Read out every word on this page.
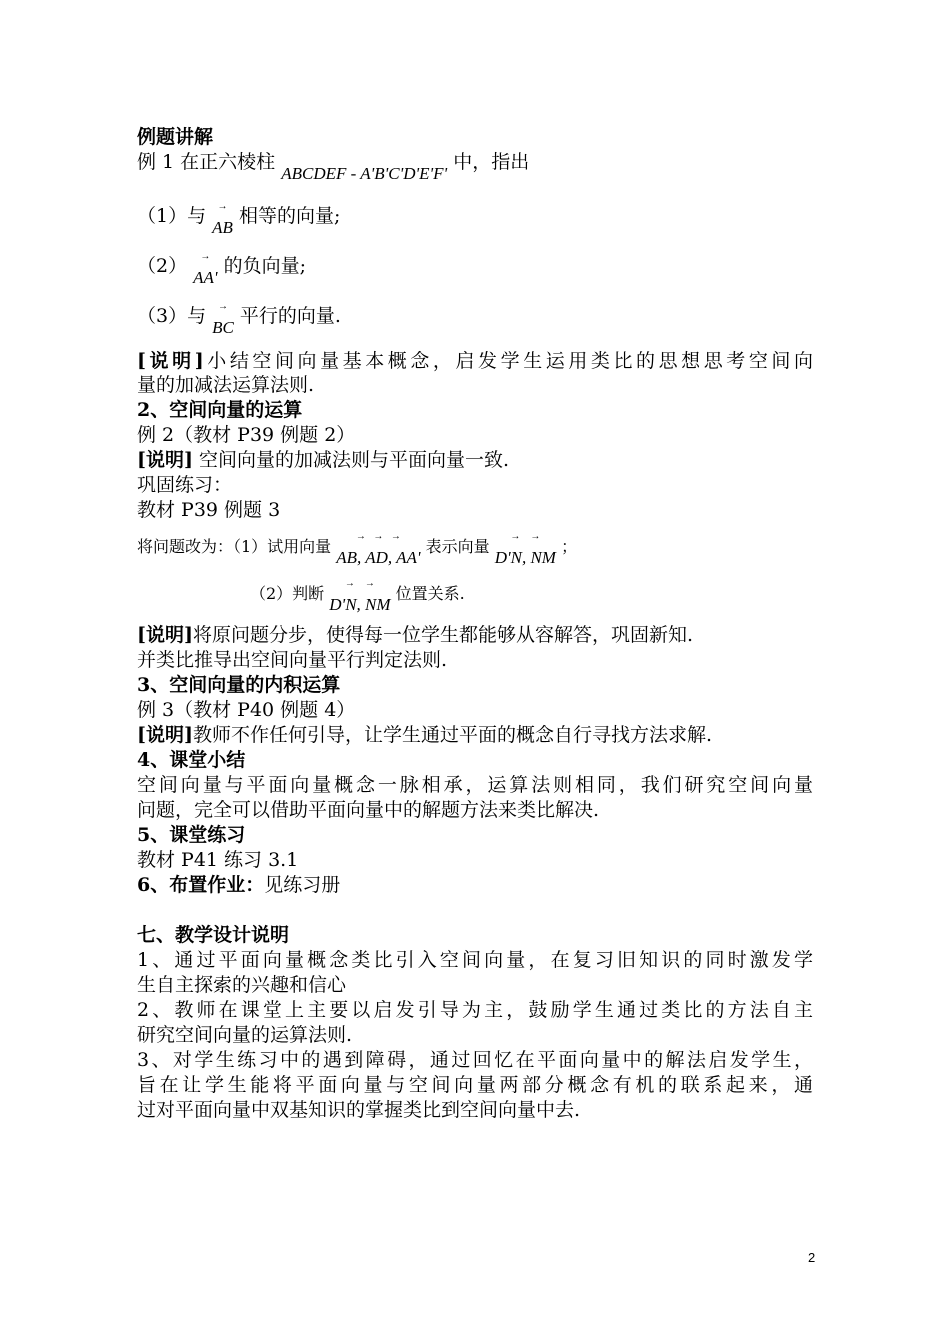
例题讲解
例 1 在正六棱柱 ABCDEF - A'B'C'D'E'F' 中，指出
（1）与	→
AB 相等的向量;
（2）	→
AA' 的负向量;
（3）与	→
BC 平行的向量.
[说明]小结空间向量基本概念，启发学生运用类比的思想思考空间向
量的加减法运算法则.
2、空间向量的运算
例 2（教材 P39 例题 2）
[说明] 空间向量的加减法则与平面向量一致.
巩固练习：
教材 P39 例题 3
将问题改为：（1）试用向量
→   →   →
AB, AD, AA' 表示向量
→    →
D'N, NM ；
（2）判断
→    →
D'N, NM 位置关系.
[说明]将原问题分步，使得每一位学生都能够从容解答，巩固新知.
并类比推导出空间向量平行判定法则.
3、空间向量的内积运算
例 3（教材 P40 例题 4）
[说明]教师不作任何引导，让学生通过平面的概念自行寻找方法求解.
4、课堂小结
空间向量与平面向量概念一脉相承，运算法则相同，我们研究空间向量
问题，完全可以借助平面向量中的解题方法来类比解决.
5、课堂练习
教材 P41 练习 3.1
6、布置作业：见练习册
七、教学设计说明
1、通过平面向量概念类比引入空间向量，在复习旧知识的同时激发学
生自主探索的兴趣和信心
2、教师在课堂上主要以启发引导为主，鼓励学生通过类比的方法自主
研究空间向量的运算法则.
3、对学生练习中的遇到障碍，通过回忆在平面向量中的解法启发学生，
旨在让学生能将平面向量与空间向量两部分概念有机的联系起来，通
过对平面向量中双基知识的掌握类比到空间向量中去.
2
